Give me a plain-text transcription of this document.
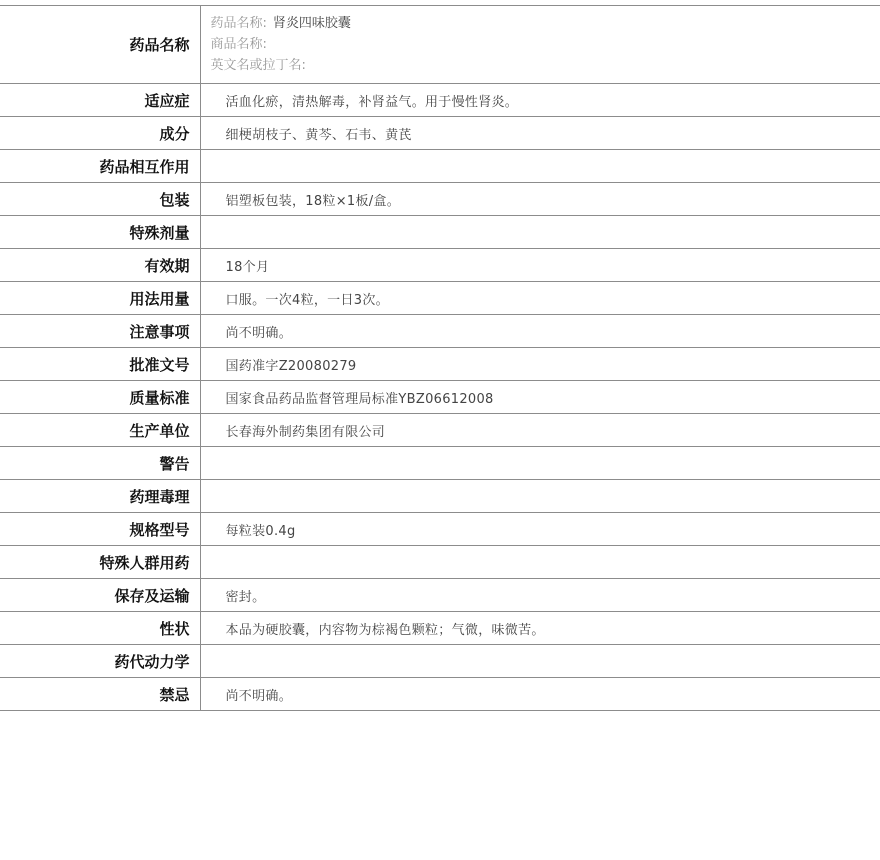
药品名称	药品名称: 肾炎四味胶囊
商品名称:
英文名或拉丁名:

适应症	活血化瘀，清热解毒，补肾益气。用于慢性肾炎。
成分	细梗胡枝子、黄芩、石韦、黄芪
药品相互作用	
包装	铝塑板包装，18粒×1板/盒。
特殊剂量	
有效期	18个月
用法用量	口服。一次4粒，一日3次。
注意事项	尚不明确。
批准文号	国药准字Z20080279
质量标准	国家食品药品监督管理局标准YBZ06612008
生产单位	长春海外制药集团有限公司
警告	
药理毒理	
规格型号	每粒装0.4g
特殊人群用药	
保存及运输	密封。
性状	本品为硬胶囊，内容物为棕褐色颗粒；气微，味微苦。
药代动力学	
禁忌	尚不明确。
